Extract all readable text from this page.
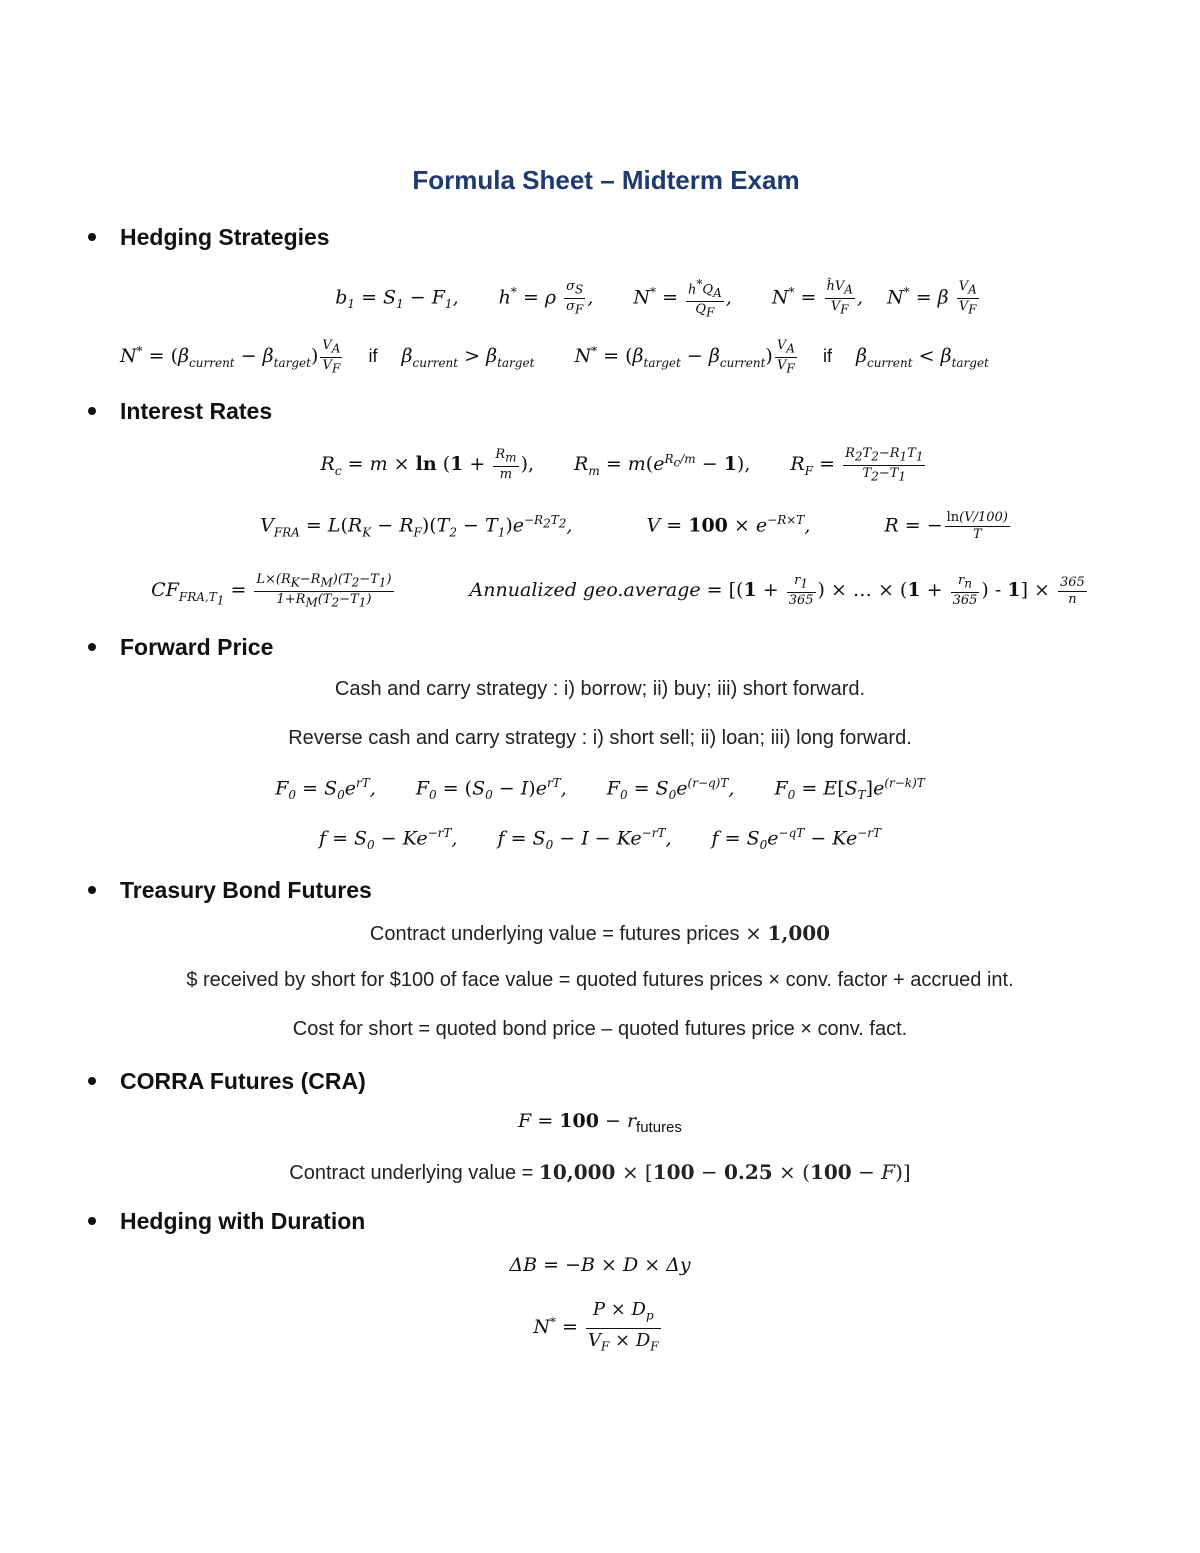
Formula Sheet – Midterm Exam
Hedging Strategies
$b_1 = S_1 - F_1$, h* = ρ $\frac{\sigma_S}{\sigma_F}$ , $N^* = \frac{h^*Q_A}{Q_F}$ , $N^* = \frac{ĥV_A}{V_F}$ , N* = β $\frac{V_A}{V_F}$
$N^* = (\beta_{current} - \beta_{target}) \frac{V_A}{V_F}$ if $\beta_{current} > \beta_{target}$ $N^* = (\beta_{target} - \beta_{current}) \frac{V_A}{V_F}$ if $\beta_{current} < \beta_{target}$
Interest Rates
$R_c = m \times \ln (1 + \frac{R_m}{m}$ ), $R_m = m(e^{R_c/m} - 1)$, $R_F = \frac{R_2T_2-R_1T_1}{T_2-T_1}$
$V_{FRA} = L(R_K - R_F)(T_2 - T_1)e^{-R_2T_2}$,	$V = 100 \times e^{-R\times T}$,	R = − $\frac{\ln(V/100)}{T}$
$CF_{FRA,T_1} = \frac{L\times(R_K-R_M)(T_2-T_1)}{1+R_M(T_2-T_1)}$	Annualized geo.average = [($1 + \frac{r_1}{365}$ ) × … × ($1 + \frac{r_n}{365}$ ) - $1] \times \frac{365}{n}$
Forward Price
Cash and carry strategy : i) borrow; ii) buy; iii) short forward.
Reverse cash and carry strategy : i) short sell; ii) loan; iii) long forward.
$F_0 = S_0e^{rT}$, $F_0 = (S_0 - I)e^{rT}$, $F_0 = S_0e^{(r-q)T}$, $F_0 = E[S_T]e^{(r-k)T}$
$f = S_0 - Ke^{-rT}$, $f = S_0 - I - Ke^{-rT}$, $f = S_0e^{-qT} - Ke^{-rT}$
Treasury Bond Futures
Contract underlying value = futures prices × 1,000
$ received by short for $100 of face value = quoted futures prices × conv. factor + accrued int.
Cost for short = quoted bond price – quoted futures price × conv. fact.
CORRA Futures (CRA)
$F = 100 - r_{futures}$
Contract underlying value = 10,000 × [100 − 0.25 × (100 − F)]
Hedging with Duration
ΔB = −B × D × Δy
$N^* = \frac{P \times D_p}{V_F \times D_F}$
